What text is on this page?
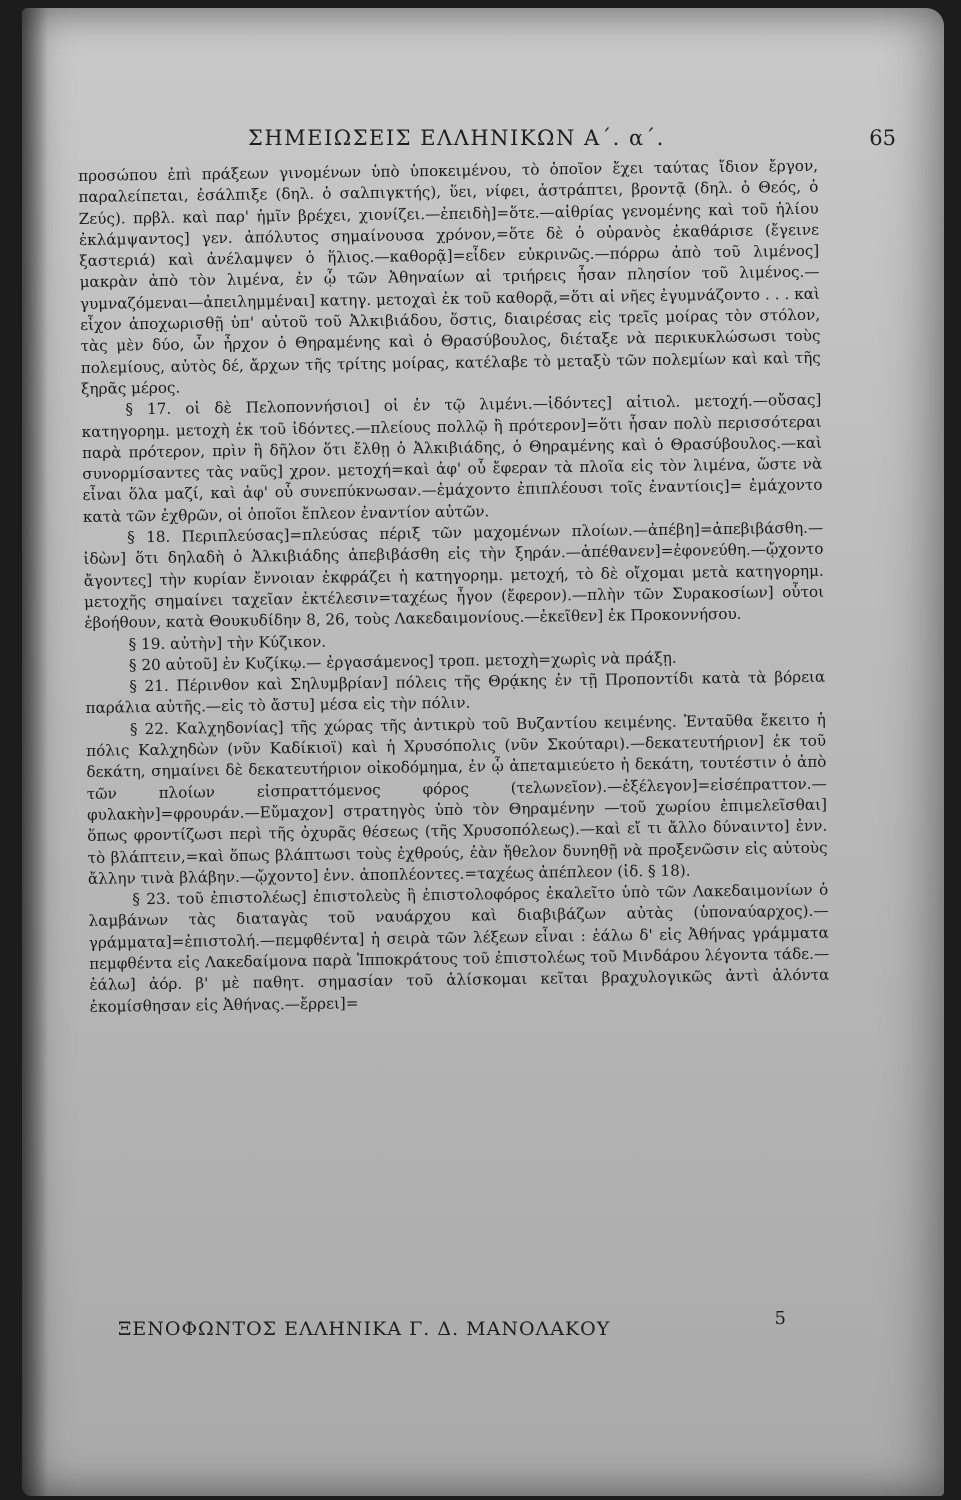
ΣΗΜΕΙΩΣΕΙΣ ΕΛΛΗΝΙΚΩΝ Α΄. α΄.	65

προσώπου ἐπὶ πράξεων γινομένων ὑπὸ ὑποκειμένου, τὸ ὁποῖον ἔχει ταύτας ἴδιον ἔργον, παραλείπεται, ἐσάλπιξε (δηλ. ὁ σαλπιγκτής), ὕει, νίφει, ἀστράπτει, βροντᾷ (δηλ. ὁ Θεός, ὁ Ζεύς). πρβλ. καὶ παρ' ἡμῖν βρέχει, χιονίζει.—ἐπειδὴ]=ὅτε.—αἰθρίας γενομένης καὶ τοῦ ἡλίου ἐκλάμψαντος] γεν. ἀπόλυτος σημαίνουσα χρόνον,=ὅτε δὲ ὁ οὐρανὸς ἐκαθάρισε (ἔγεινε ξαστεριά) καὶ ἀνέλαμψεν ὁ ἥλιος.—καθορᾷ]=εἶδεν εὐκρινῶς.—πόρρω ἀπὸ τοῦ λιμένος] μακρὰν ἀπὸ τὸν λιμένα, ἐν ᾧ τῶν Ἀθηναίων αἱ τριήρεις ἦσαν πλησίον τοῦ λιμένος.—γυμναζόμεναι—ἀπειλημμέναι] κατηγ. μετοχαὶ ἐκ τοῦ καθορᾷ,=ὅτι αἱ νῆες ἐγυμνάζοντο . . . καὶ εἶχον ἀποχωρισθῇ ὑπ' αὐτοῦ τοῦ Ἀλκιβιάδου, ὅστις, διαιρέσας εἰς τρεῖς μοίρας τὸν στόλον, τὰς μὲν δύο, ὧν ἦρχον ὁ Θηραμένης καὶ ὁ Θρασύβουλος, διέταξε νὰ περικυκλώσωσι τοὺς πολεμίους, αὐτὸς δέ, ἄρχων τῆς τρίτης μοίρας, κατέλαβε τὸ μεταξὺ τῶν πολεμίων καὶ καὶ τῆς ξηρᾶς μέρος.

§ 17. οἱ δὲ Πελοποννήσιοι] οἱ ἐν τῷ λιμένι.—ἰδόντες] αἰτιολ. μετοχή.—οὔσας] κατηγορημ. μετοχὴ ἐκ τοῦ ἰδόντες.—πλείους πολλῷ ἢ πρότερον]=ὅτι ἦσαν πολὺ περισσότεραι παρὰ πρότερον, πρὶν ἢ δῆλον ὅτι ἔλθῃ ὁ Ἀλκιβιάδης, ὁ Θηραμένης καὶ ὁ Θρασύβουλος.—καὶ συνορμίσαντες τὰς ναῦς] χρον. μετοχή=καὶ ἀφ' οὗ ἔφεραν τὰ πλοῖα εἰς τὸν λιμένα, ὥστε νὰ εἶναι ὅλα μαζί, καὶ ἀφ' οὗ συνεπύκνωσαν.—ἐμάχοντο ἐπιπλέουσι τοῖς ἐναντίοις]= ἐμάχοντο κατὰ τῶν ἐχθρῶν, οἱ ὁποῖοι ἔπλεον ἐναντίον αὐτῶν.

§ 18. Περιπλεύσας]=πλεύσας πέριξ τῶν μαχομένων πλοίων.—ἀπέβη]=ἀπεβιβάσθη.—ἰδὼν] ὅτι δηλαδὴ ὁ Ἀλκιβιάδης ἀπεβιβάσθη εἰς τὴν ξηράν.—ἀπέθανεν]=ἐφονεύθη.—ᾤχοντο ἄγοντες] τὴν κυρίαν ἔννοιαν ἐκφράζει ἡ κατηγορημ. μετοχή, τὸ δὲ οἴχομαι μετὰ κατηγορημ. μετοχῆς σημαίνει ταχεῖαν ἐκτέλεσιν=ταχέως ἦγον (ἔφερον).—πλὴν τῶν Συρακοσίων] οὗτοι ἐβοήθουν, κατὰ Θουκυδίδην 8, 26, τοὺς Λακεδαιμονίους.—ἐκεῖθεν] ἐκ Προκοννήσου.

§ 19. αὐτὴν] τὴν Κύζικον.

§ 20 αὐτοῦ] ἐν Κυζίκῳ.— ἐργασάμενος] τροπ. μετοχὴ=χωρὶς νὰ πράξῃ.

§ 21. Πέρινθον καὶ Σηλυμβρίαν] πόλεις τῆς Θρᾴκης ἐν τῇ Προποντίδι κατὰ τὰ βόρεια παράλια αὐτῆς.—εἰς τὸ ἄστυ] μέσα εἰς τὴν πόλιν.

§ 22. Καλχηδονίας] τῆς χώρας τῆς ἀντικρὺ τοῦ Βυζαντίου κειμένης. Ἐνταῦθα ἔκειτο ἡ πόλις Καλχηδὼν (νῦν Καδίκιοϊ) καὶ ἡ Χρυσόπολις (νῦν Σκούταρι).—δεκατευτήριον] ἐκ τοῦ δεκάτη, σημαίνει δὲ δεκατευτήριον οἰκοδόμημα, ἐν ᾧ ἀπεταμιεύετο ἡ δεκάτη, τουτέστιν ὁ ἀπὸ τῶν πλοίων εἰσπραττόμενος φόρος (τελωνεῖον).—ἐξέλεγον]=εἰσέπραττον.—φυλακὴν]=φρουράν.—Εὔμαχον] στρατηγὸς ὑπὸ τὸν Θηραμένην —τοῦ χωρίου ἐπιμελεῖσθαι] ὅπως φροντίζωσι περὶ τῆς ὀχυρᾶς θέσεως (τῆς Χρυσοπόλεως).—καὶ εἴ τι ἄλλο δύναιντο] ἐνν. τὸ βλάπτειν,=καὶ ὅπως βλάπτωσι τοὺς ἐχθρούς, ἐὰν ἤθελον δυνηθῇ νὰ προξενῶσιν εἰς αὐτοὺς ἄλλην τινὰ βλάβην.—ᾤχοντο] ἐνν. ἀποπλέοντες.=ταχέως ἀπέπλεον (ἰδ. § 18).

§ 23. τοῦ ἐπιστολέως] ἐπιστολεὺς ἢ ἐπιστολοφόρος ἐκαλεῖτο ὑπὸ τῶν Λακεδαιμονίων ὁ λαμβάνων τὰς διαταγὰς τοῦ ναυάρχου καὶ διαβιβάζων αὐτὰς (ὑποναύαρχος).—γράμματα]=ἐπιστολή.—πεμφθέντα] ἡ σειρὰ τῶν λέξεων εἶναι : ἑάλω δ' εἰς Ἀθήνας γράμματα πεμφθέντα εἰς Λακεδαίμονα παρὰ Ἱπποκράτους τοῦ ἐπιστολέως τοῦ Μινδάρου λέγοντα τάδε.— ἑάλω] ἀόρ. β' μὲ παθητ. σημασίαν τοῦ ἁλίσκομαι κεῖται βραχυλογικῶς ἀντὶ ἁλόντα ἐκομίσθησαν εἰς Ἀθήνας.—ἔρρει]=

ΞΕΝΟΦΩΝΤΟΣ ΕΛΛΗΝΙΚΑ Γ. Δ. ΜΑΝΟΛΑΚΟΥ	5
